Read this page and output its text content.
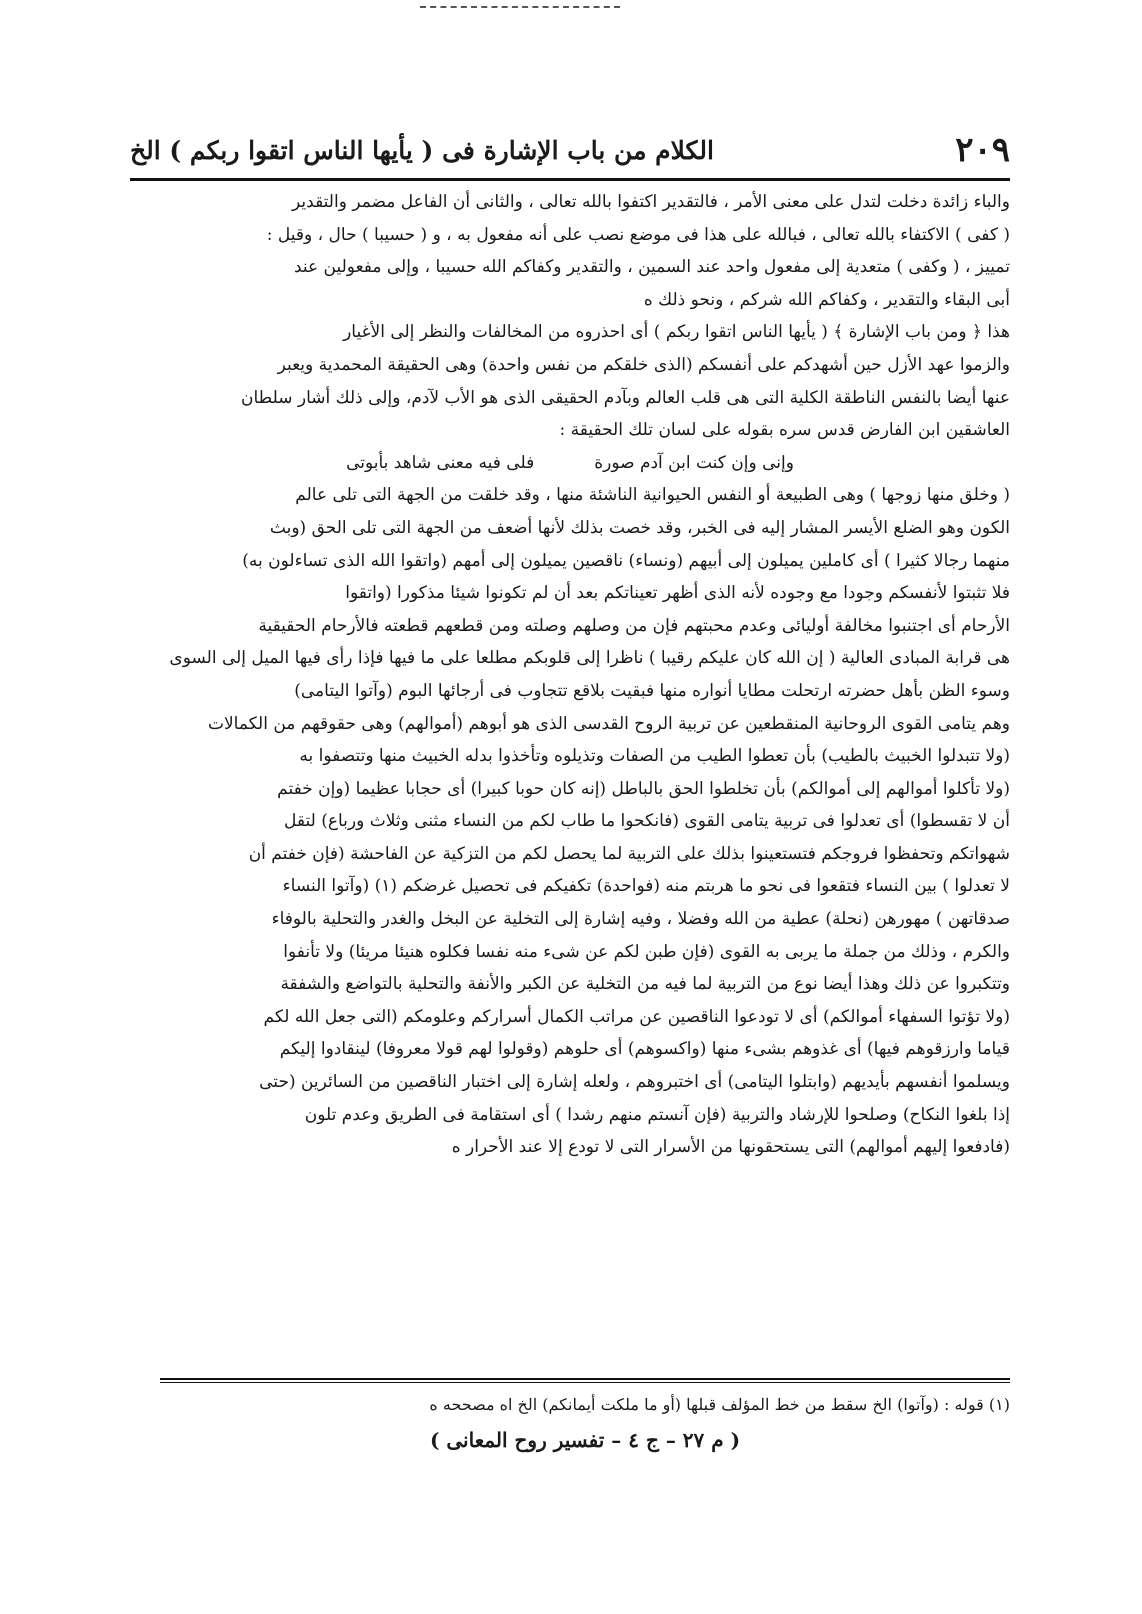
الكلام من باب الإشارة فى ( يأيها الناس اتقوا ربكم ) الخ	٢٠٩

والباء زائدة دخلت لتدل على معنى الأمر ، فالتقدير اكتفوا بالله تعالى ، والثانى أن الفاعل مضمر والتقدير

( كفى ) الاكتفاء بالله تعالى ، فبالله على هذا فى موضع نصب على أنه مفعول به ، و ( حسيبا ) حال ، وقيل :

تمييز ، ( وكفى ) متعدية إلى مفعول واحد عند السمين ، والتقدير وكفاكم الله حسيبا ، وإلى مفعولين عند

أبى البقاء والتقدير ، وكفاكم الله شركم ، ونحو ذلك ه

هذا ﴿ ومن باب الإشارة ﴾ ( يأيها الناس اتقوا ربكم ) أى احذروه من المخالفات والنظر إلى الأغيار

والزموا عهد الأزل حين أشهدكم على أنفسكم (الذى خلقكم من نفس واحدة) وهى الحقيقة المحمدية ويعبر

عنها أيضا بالنفس الناطقة الكلية التى هى قلب العالم وبآدم الحقيقى الذى هو الأب لآدم، وإلى ذلك أشار سلطان

العاشقين ابن الفارض قدس سره بقوله على لسان تلك الحقيقة :

وإنى وإن كنت ابن آدم صورة
فلى فيه معنى شاهد بأبوتى

( وخلق منها زوجها ) وهى الطبيعة أو النفس الحيوانية الناشئة منها ، وقد خلقت من الجهة التى تلى عالم

الكون وهو الضلع الأيسر المشار إليه فى الخبر، وقد خصت بذلك لأنها أضعف من الجهة التى تلى الحق (وبث

منهما رجالا كثيرا ) أى كاملين يميلون إلى أبيهم (ونساء) ناقصين يميلون إلى أمهم (واتقوا الله الذى تساءلون به)

فلا تثبتوا لأنفسكم وجودا مع وجوده لأنه الذى أظهر تعيناتكم بعد أن لم تكونوا شيئا مذكورا (واتقوا

الأرحام أى اجتنبوا مخالفة أوليائى وعدم محبتهم فإن من وصلهم وصلته ومن قطعهم قطعته فالأرحام الحقيقية

هى قرابة المبادى العالية ( إن الله كان عليكم رقيبا ) ناظرا إلى قلوبكم مطلعا على ما فيها فإذا رأى فيها الميل إلى السوى

وسوء الظن بأهل حضرته ارتحلت مطايا أنواره منها فبقيت بلاقع تتجاوب فى أرجائها البوم (وآتوا اليتامى)

وهم يتامى القوى الروحانية المنقطعين عن تربية الروح القدسى الذى هو أبوهم (أموالهم) وهى حقوقهم من الكمالات

(ولا تتبدلوا الخبيث بالطيب) بأن تعطوا الطيب من الصفات وتذيلوه وتأخذوا بدله الخبيث منها وتتصفوا به

(ولا تأكلوا أموالهم إلى أموالكم) بأن تخلطوا الحق بالباطل (إنه كان حوبا كبيرا) أى حجابا عظيما (وإن خفتم

أن لا تقسطوا) أى تعدلوا فى تربية يتامى القوى (فانكحوا ما طاب لكم من النساء مثنى وثلاث ورباع) لتقل

شهواتكم وتحفظوا فروجكم فتستعينوا بذلك على التربية لما يحصل لكم من التزكية عن الفاحشة (فإن خفتم أن

لا تعدلوا ) بين النساء فتقعوا فى نحو ما هربتم منه (فواحدة) تكفيكم فى تحصيل غرضكم (١) (وآتوا النساء

صدقاتهن ) مهورهن (نحلة) عطية من الله وفضلا ، وفيه إشارة إلى التخلية عن البخل والغدر والتحلية بالوفاء

والكرم ، وذلك من جملة ما يربى به القوى (فإن طبن لكم عن شىء منه نفسا فكلوه هنيئا مريئا) ولا تأنفوا

وتتكبروا عن ذلك وهذا أيضا نوع من التربية لما فيه من التخلية عن الكبر والأنفة والتحلية بالتواضع والشفقة

(ولا تؤتوا السفهاء أموالكم) أى لا تودعوا الناقصين عن مراتب الكمال أسراركم وعلومكم (التى جعل الله لكم

قياما وارزقوهم فيها) أى غذوهم بشىء منها (واكسوهم) أى حلوهم (وقولوا لهم قولا معروفا) لينقادوا إليكم

ويسلموا أنفسهم بأيديهم (وابتلوا اليتامى) أى اختبروهم ، ولعله إشارة إلى اختبار الناقصين من السائرين (حتى

إذا بلغوا النكاح) وصلحوا للإرشاد والتربية (فإن آنستم منهم رشدا ) أى استقامة فى الطريق وعدم تلون

(فادفعوا إليهم أموالهم) التى يستحقونها من الأسرار التى لا تودع إلا عند الأحرار ه

(١) قوله : (وآتوا) الخ سقط من خط المؤلف قبلها (أو ما ملكت أيمانكم) الخ اه مصححه ه
( م ٢٧ – ج ٤ – تفسير روح المعانى )
